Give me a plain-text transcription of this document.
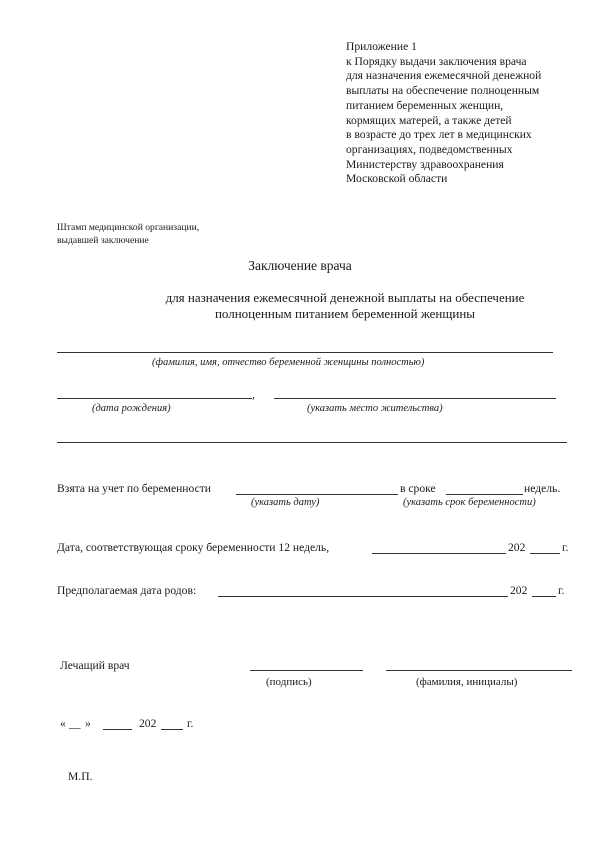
Приложение 1
к Порядку выдачи заключения врача
для назначения ежемесячной денежной
выплаты на обеспечение полноценным
питанием беременных женщин,
кормящих матерей, а также детей
в возрасте до трех лет в медицинских
организациях, подведомственных
Министерству здравоохранения
Московской области
Штамп медицинской организации,
выдавшей заключение
Заключение врача
для назначения ежемесячной денежной выплаты на обеспечение
полноценным питанием беременной женщины
(фамилия, имя, отчество беременной женщины полностью)
,
(дата рождения)	(указать место жительства)
Взята на учет по беременности	в сроке	недель.
(указать дату)	(указать срок беременности)
Дата, соответствующая сроку беременности 12 недель,	202	г.
Предполагаемая дата родов:	202	г.
Лечащий врач
(подпись)	(фамилия, инициалы)
« __ »	202	г.
М.П.
